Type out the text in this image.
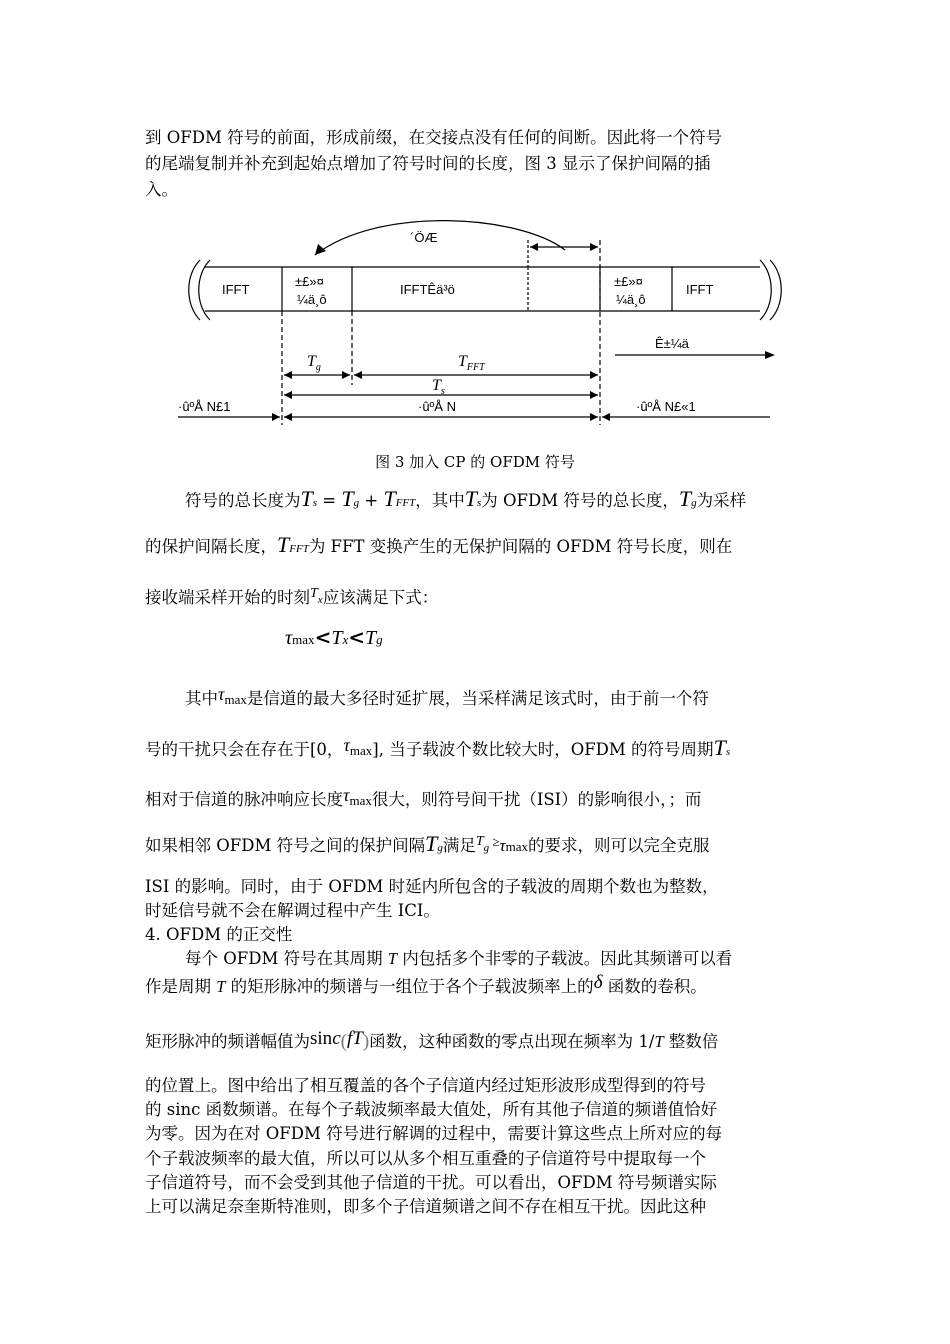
到 OFDM 符号的前面，形成前缀，在交接点没有任何的间断。因此将一个符号
的尾端复制并补充到起始点增加了符号时间的长度，图 3 显示了保护间隔的插
入。
´ÖÆ
IFFT
±£»¤
¼ä¸ô
IFFTÊä³ö
±£»¤
¼ä¸ô
IFFT
Ê±¼ä
·ûºÅ N£1	·ûºÅ N	·ûºÅ N£«1
$T_g$	$T_{FFT}$
$T_s$
图 3 加入 CP 的 OFDM 符号
符号的总长度为Ts = Tg + TFFT，其中Ts为 OFDM 符号的总长度，Tg为采样
的保护间隔长度，TFFT为 FFT 变换产生的无保护间隔的 OFDM 符号长度，则在
接收端采样开始的时刻$^T$x应该满足下式：
τmax<Tx<Tg
其中τmax是信道的最大多径时延扩展，当采样满足该式时，由于前一个符
号的干扰只会在存在于[0，τmax], 当子载波个数比较大时，OFDM 的符号周期Ts
相对于信道的脉冲响应长度τmax很大，则符号间干扰（ISI）的影响很小，；而
如果相邻 OFDM 符号之间的保护间隔Tg满足$^T$g ≥τmax的要求，则可以完全克服
ISI 的影响。同时，由于 OFDM 时延内所包含的子载波的周期个数也为整数，
时延信号就不会在解调过程中产生 ICI。
4. OFDM 的正交性
每个 OFDM 符号在其周期 T 内包括多个非零的子载波。因此其频谱可以看
作是周期 T 的矩形脉冲的频谱与一组位于各个子载波频率上的δ 函数的卷积。
矩形脉冲的频谱幅值为sinc(fT)函数，这种函数的零点出现在频率为 1/T 整数倍
的位置上。图中给出了相互覆盖的各个子信道内经过矩形波形成型得到的符号
的 sinc 函数频谱。在每个子载波频率最大值处，所有其他子信道的频谱值恰好
为零。因为在对 OFDM 符号进行解调的过程中，需要计算这些点上所对应的每
个子载波频率的最大值，所以可以从多个相互重叠的子信道符号中提取每一个
子信道符号，而不会受到其他子信道的干扰。可以看出，OFDM 符号频谱实际
上可以满足奈奎斯特准则，即多个子信道频谱之间不存在相互干扰。因此这种
